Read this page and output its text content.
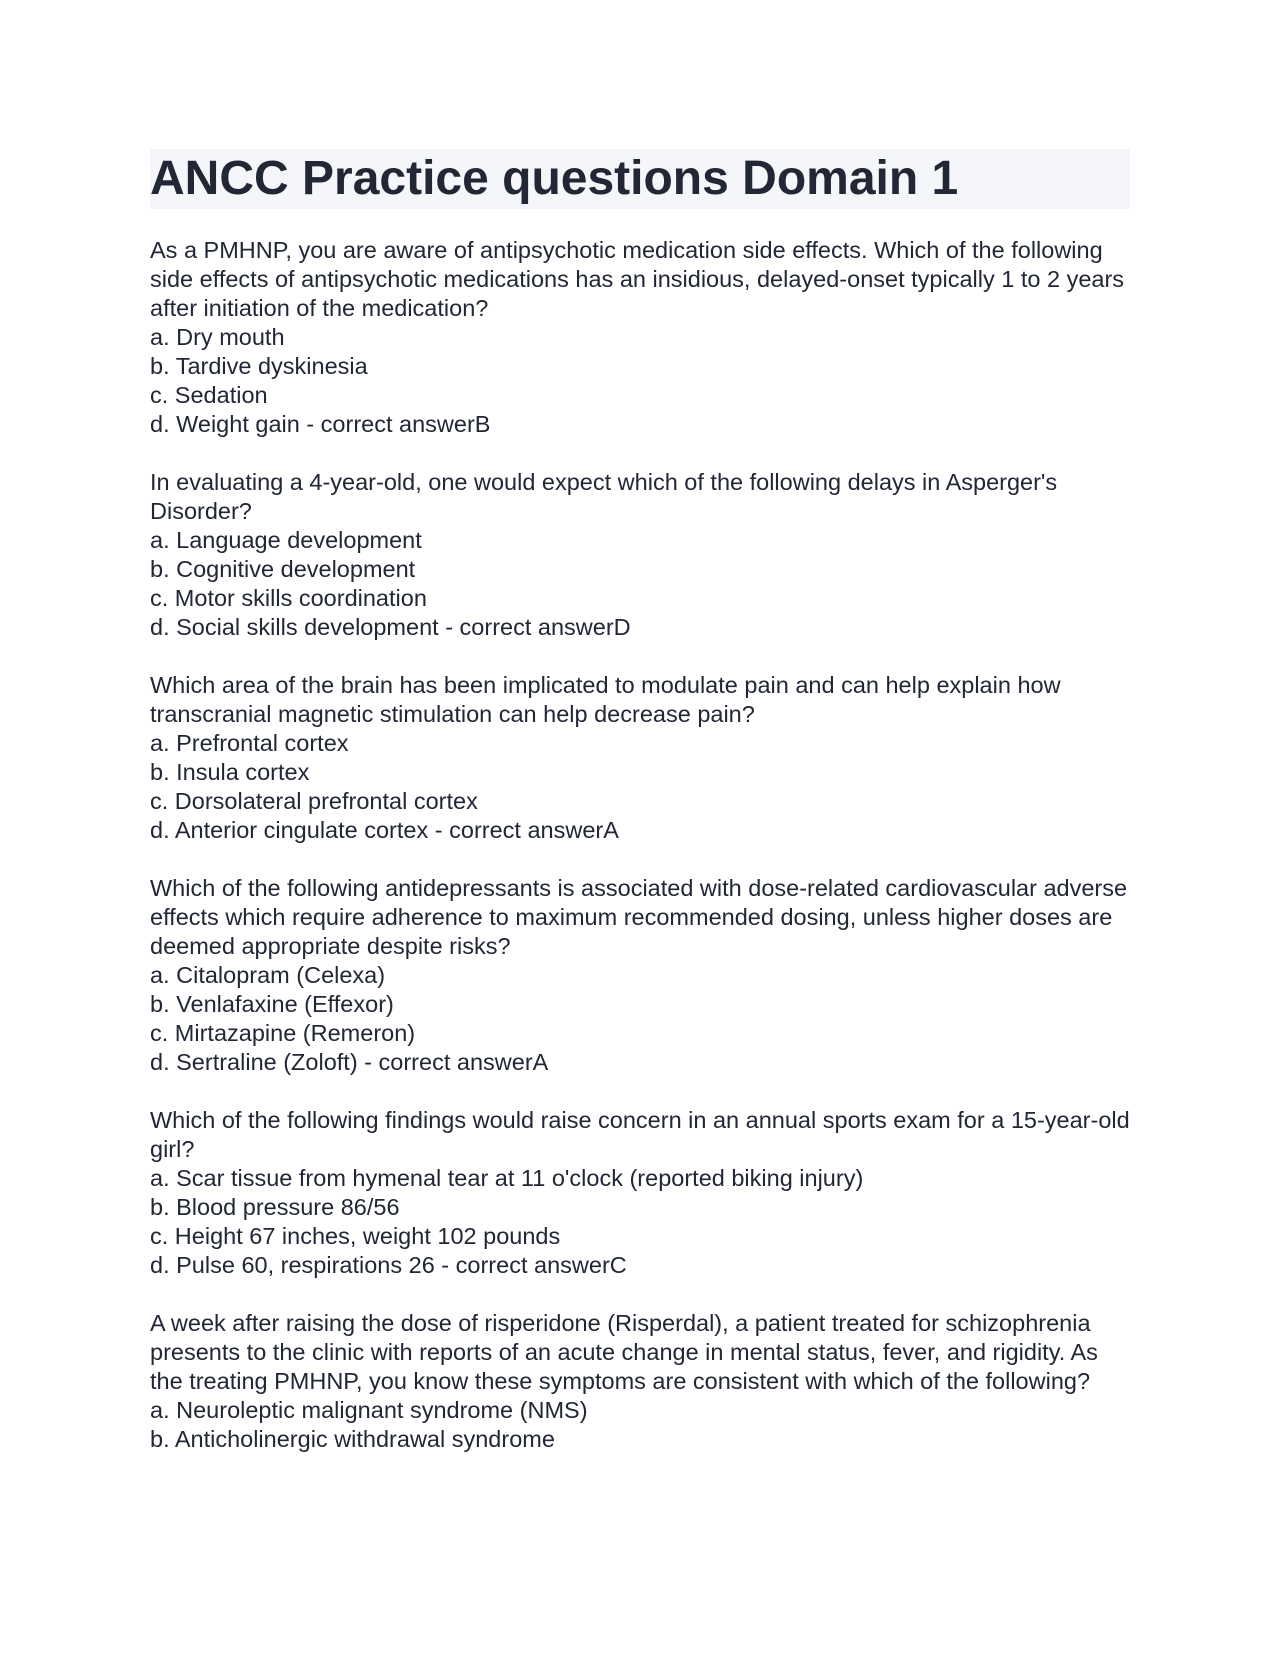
ANCC Practice questions Domain 1

As a PMHNP, you are aware of antipsychotic medication side effects. Which of the following side effects of antipsychotic medications has an insidious, delayed-onset typically 1 to 2 years after initiation of the medication?

a. Dry mouth
b. Tardive dyskinesia
c. Sedation
d. Weight gain - correct answerB

In evaluating a 4-year-old, one would expect which of the following delays in Asperger's Disorder?

a. Language development
b. Cognitive development
c. Motor skills coordination
d. Social skills development - correct answerD

Which area of the brain has been implicated to modulate pain and can help explain how transcranial magnetic stimulation can help decrease pain?

a. Prefrontal cortex
b. Insula cortex
c. Dorsolateral prefrontal cortex
d. Anterior cingulate cortex - correct answerA

Which of the following antidepressants is associated with dose-related cardiovascular adverse effects which require adherence to maximum recommended dosing, unless higher doses are deemed appropriate despite risks?

a. Citalopram (Celexa)
b. Venlafaxine (Effexor)
c. Mirtazapine (Remeron)
d. Sertraline (Zoloft) - correct answerA

Which of the following findings would raise concern in an annual sports exam for a 15-year-old girl?

a. Scar tissue from hymenal tear at 11 o'clock (reported biking injury)
b. Blood pressure 86/56
c. Height 67 inches, weight 102 pounds
d. Pulse 60, respirations 26 - correct answerC

A week after raising the dose of risperidone (Risperdal), a patient treated for schizophrenia presents to the clinic with reports of an acute change in mental status, fever, and rigidity. As the treating PMHNP, you know these symptoms are consistent with which of the following?

a. Neuroleptic malignant syndrome (NMS)
b. Anticholinergic withdrawal syndrome
